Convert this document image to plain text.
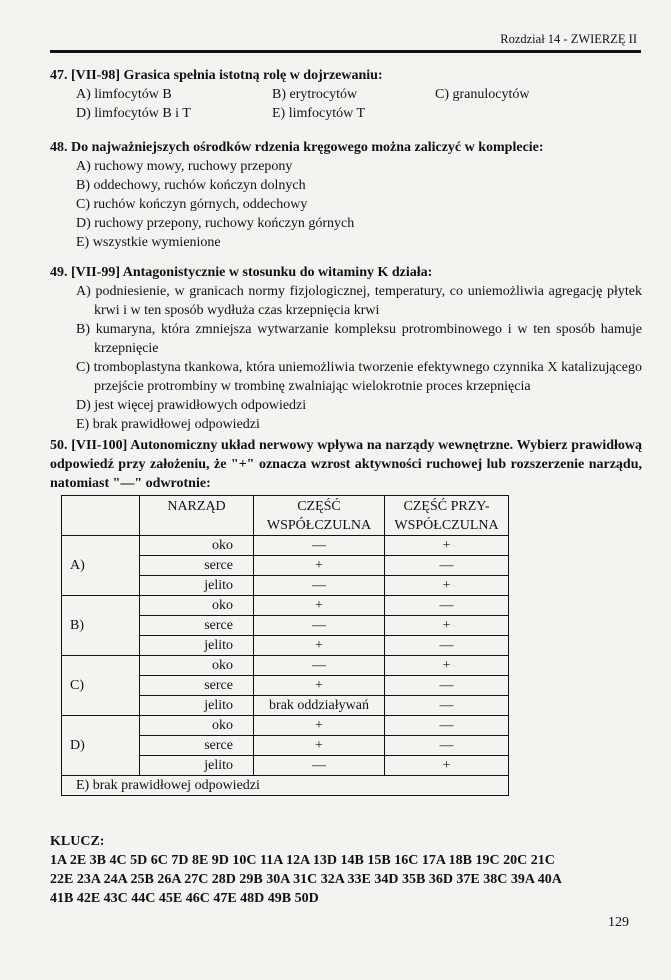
Rozdział 14 - ZWIERZĘ II
47. [VII-98] Grasica spełnia istotną rolę w dojrzewaniu:
A) limfocytów B	B) erytrocytów	C) granulocytów
D) limfocytów B i T	E) limfocytów T
48. Do najważniejszych ośrodków rdzenia kręgowego można zaliczyć w komplecie:
A) ruchowy mowy, ruchowy przepony
B) oddechowy, ruchów kończyn dolnych
C) ruchów kończyn górnych, oddechowy
D) ruchowy przepony, ruchowy kończyn górnych
E) wszystkie wymienione
49. [VII-99] Antagonistycznie w stosunku do witaminy K działa:
A) podniesienie, w granicach normy fizjologicznej, temperatury, co uniemożliwia agregację płytek krwi i w ten sposób wydłuża czas krzepnięcia krwi
B) kumaryna, która zmniejsza wytwarzanie kompleksu protrombinowego i w ten sposób hamuje krzepnięcie
C) tromboplastyna tkankowa, która uniemożliwia tworzenie efektywnego czynnika X katalizującego przejście protrombiny w trombinę zwalniając wielokrotnie proces krzepnięcia
D) jest więcej prawidłowych odpowiedzi
E) brak prawidłowej odpowiedzi
50. [VII-100] Autonomiczny układ nerwowy wpływa na narządy wewnętrzne. Wybierz prawidłową odpowiedź przy założeniu, że "+" oznacza wzrost aktywności ruchowej lub rozszerzenie narządu, natomiast "—" odwrotnie:
	NARZĄD	CZĘŚĆ WSPÓŁCZULNA	CZĘŚĆ PRZY-WSPÓŁCZULNA
A)	oko	—	+
	serce	+	—
	jelito	—	+
B)	oko	+	—
	serce	—	+
	jelito	+	—
C)	oko	—	+
	serce	+	—
	jelito	brak oddziaływań	—
D)	oko	+	—
	serce	+	—
	jelito	—	+
E) brak prawidłowej odpowiedzi			
KLUCZ:
1A 2E 3B 4C 5D 6C 7D 8E 9D 10C 11A 12A 13D 14B 15B 16C 17A 18B 19C 20C 21C
22E 23A 24A 25B 26A 27C 28D 29B 30A 31C 32A 33E 34D 35B 36D 37E 38C 39A 40A
41B 42E 43C 44C 45E 46C 47E 48D 49B 50D
129
